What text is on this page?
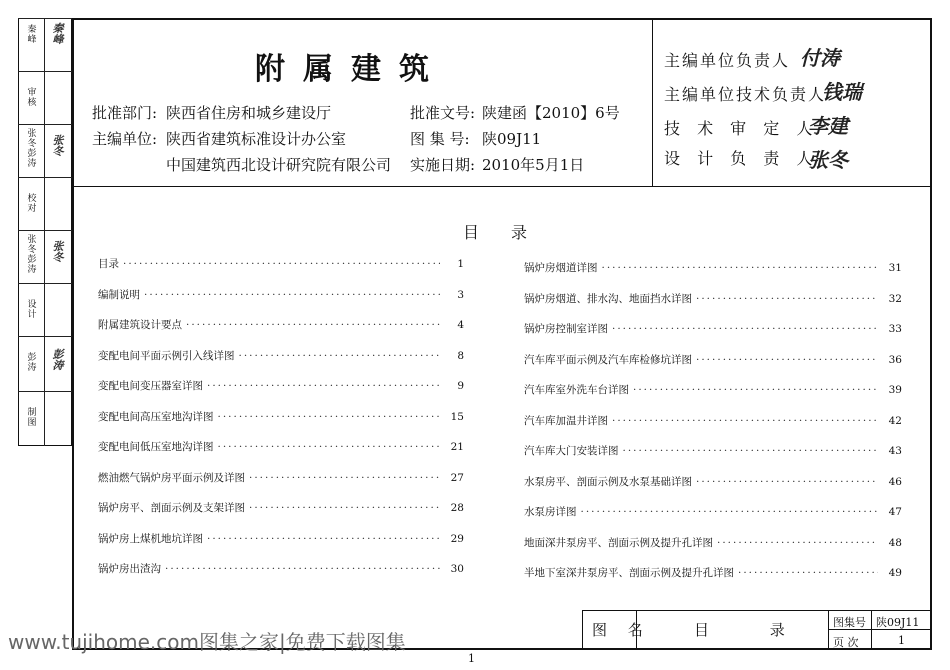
附属建筑
批准部门: 陕西省住房和城乡建设厅
主编单位: 陕西省建筑标准设计办公室
中国建筑西北设计研究院有限公司
批准文号: 陕建函【2010】6号
图 集 号: 陕09J11
实施日期: 2010年5月1日
主编单位负责人 付涛
主编单位技术负责人
钱瑞
技 术 审 定 人
李建
设 计 负 责 人
张冬
秦
峰
秦
峰
审
核
张
冬
彭
涛
张
冬
校
对
张
冬
彭
涛
张
冬
设
计
彭
涛
彭
涛
制
图
目录
目录 ·····	1
编制说明 ·····	3
附属建筑设计要点 ·····	4
变配电间平面示例引入线详图 ·····	8
变配电间变压器室详图 ·····	9
变配电间高压室地沟详图 ·····	15
变配电间低压室地沟详图 ·····	21
燃油燃气锅炉房平面示例及详图 ·····	27
锅炉房平、剖面示例及支架详图 ·····	28
锅炉房上煤机地坑详图 ·····	29
锅炉房出渣沟 ·····	30
锅炉房烟道详图 ·····	31
锅炉房烟道、排水沟、地面挡水详图 ·····	32
锅炉房控制室详图 ·····	33
汽车库平面示例及汽车库检修坑详图 ·····	36
汽车库室外洗车台详图 ·····	39
汽车库加温井详图 ·····	42
汽车库大门安装详图 ·····	43
水泵房平、剖面示例及水泵基础详图 ·····	46
水泵房详图 ·····	47
地面深井泵房平、剖面示例及提升孔详图 ·····	48
半地下室深井泵房平、剖面示例及提升孔详图 ·····	49
图 名	目 录 图集号 陕09J11
页 次	1
www.tujihome.com图集之家|免费下载图集
1
